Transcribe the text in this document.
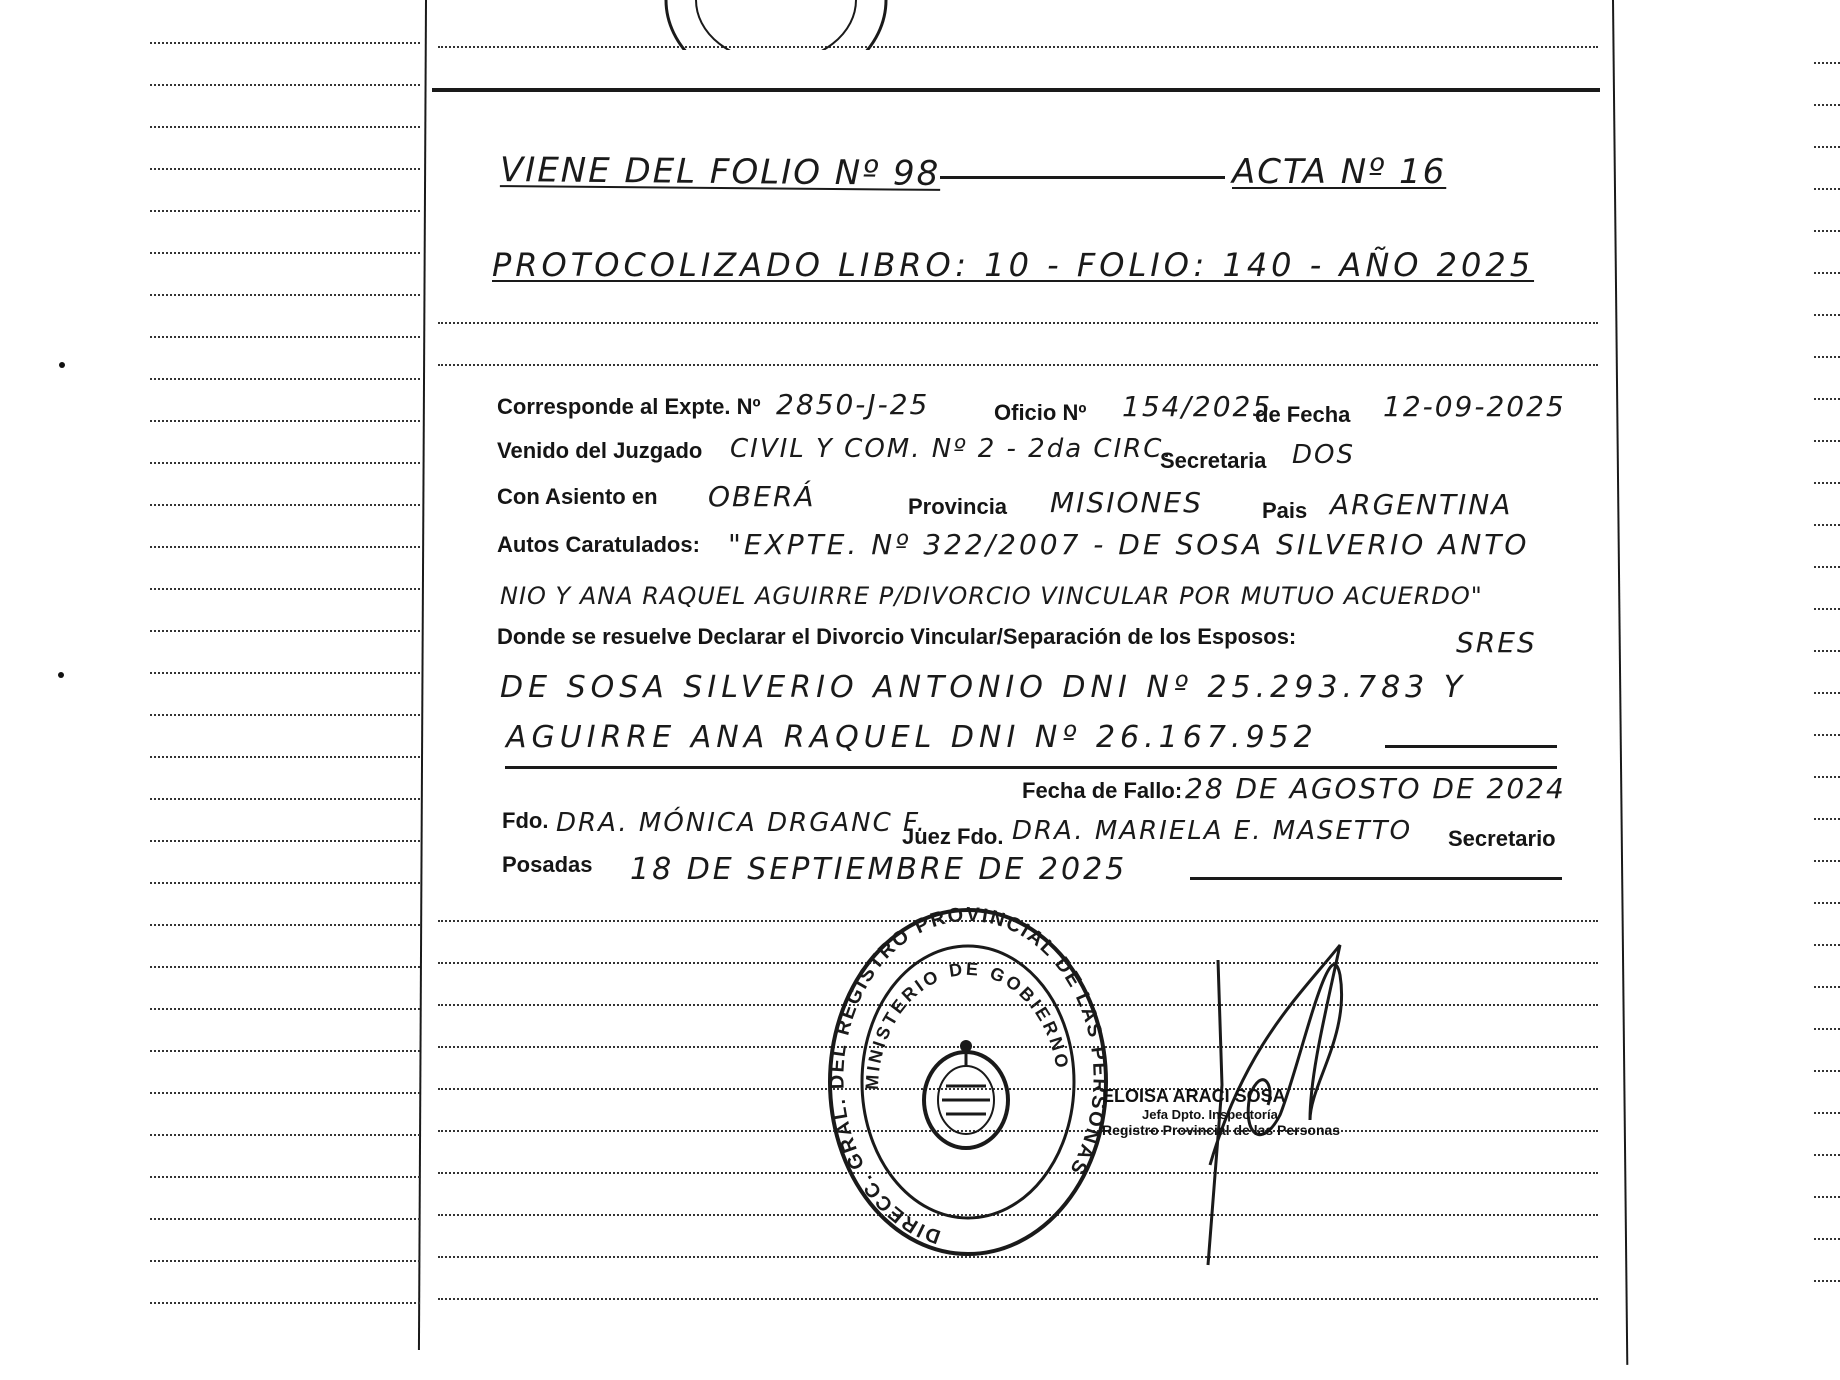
VIENE DEL FOLIO Nº 98	ACTA Nº 16
PROTOCOLIZADO LIBRO: 10 - FOLIO: 140 - AÑO 2025
Corresponde al Expte. Nº 2850-J-25	Oficio Nº 154/2025
de Fecha 12-09-2025
Venido del Juzgado CIVIL Y COM. Nº 2 - 2da CIRC.
Secretaria DOS
Con Asiento en OBERÁ	Provincia MISIONES	Pais ARGENTINA
Autos Caratulados: "EXPTE. Nº 322/2007 - DE SOSA SILVERIO ANTO
NIO Y ANA RAQUEL AGUIRRE P/DIVORCIO VINCULAR POR MUTUO ACUERDO"
Donde se resuelve Declarar el Divorcio Vincular/Separación de los Esposos:	SRES
DE SOSA SILVERIO ANTONIO DNI Nº 25.293.783 Y
AGUIRRE ANA RAQUEL DNI Nº 26.167.952
Fecha de Fallo: 28 DE AGOSTO DE 2024
Fdo. DRA. MÓNICA DRGANC F.
Juez Fdo. DRA. MARIELA E. MASETTO Secretario
Posadas 18 DE SEPTIEMBRE DE 2025
DIRECC. GRAL. DEL REGISTRO PROVINCIAL DE LAS PERSONAS
MINISTERIO DE GOBIERNO
ELOISA ARACI SOSA
Jefa Dpto. Inspectoría
Registro Provincial de las Personas
